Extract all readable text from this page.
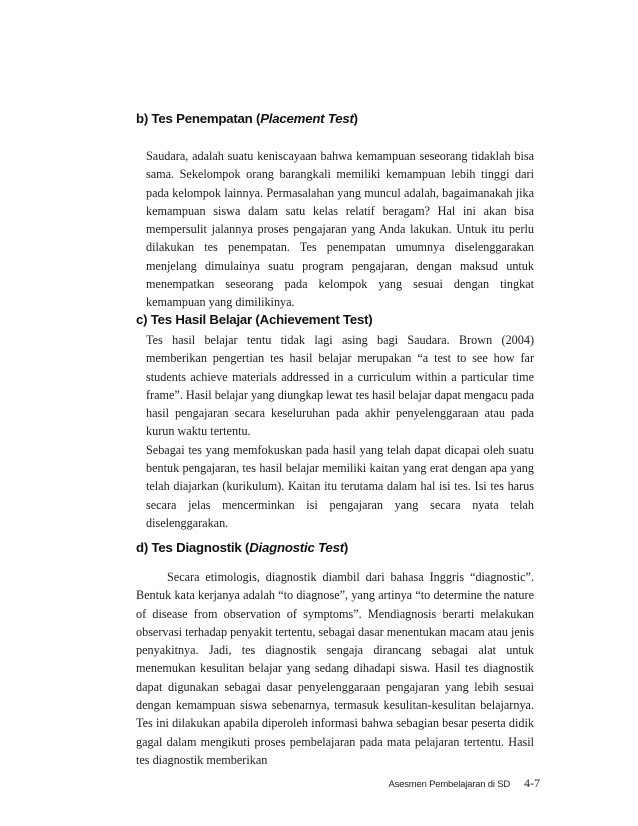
b) Tes Penempatan (Placement Test)

Saudara, adalah suatu keniscayaan bahwa kemampuan seseorang tidaklah bisa sama. Sekelompok orang barangkali memiliki kemampuan lebih tinggi dari pada kelompok lainnya. Permasalahan yang muncul adalah, bagaimanakah jika kemampuan siswa dalam satu kelas relatif beragam? Hal ini akan bisa mempersulit jalannya proses pengajaran yang Anda lakukan. Untuk itu perlu dilakukan tes penempatan. Tes penempatan umumnya diselenggarakan menjelang dimulainya suatu program pengajaran, dengan maksud untuk menempatkan seseorang pada kelompok yang sesuai dengan tingkat kemampuan yang dimilikinya.

c) Tes Hasil Belajar (Achievement Test)

Tes hasil belajar tentu tidak lagi asing bagi Saudara. Brown (2004) memberikan pengertian tes hasil belajar merupakan “a test to see how far students achieve materials addressed in a curriculum within a particular time frame”. Hasil belajar yang diungkap lewat tes hasil belajar dapat mengacu pada hasil pengajaran secara keseluruhan pada akhir penyelenggaraan atau pada kurun waktu tertentu.

Sebagai tes yang memfokuskan pada hasil yang telah dapat dicapai oleh suatu bentuk pengajaran, tes hasil belajar memiliki kaitan yang erat dengan apa yang telah diajarkan (kurikulum). Kaitan itu terutama dalam hal isi tes. Isi tes harus secara jelas mencerminkan isi pengajaran yang secara nyata telah diselenggarakan.

d) Tes Diagnostik (Diagnostic Test)

Secara etimologis, diagnostik diambil dari bahasa Inggris “diagnostic”. Bentuk kata kerjanya adalah “to diagnose”, yang artinya “to determine the nature of disease from observation of symptoms”. Mendiagnosis berarti melakukan observasi terhadap penyakit tertentu, sebagai dasar menentukan macam atau jenis penyakitnya. Jadi, tes diagnostik sengaja dirancang sebagai alat untuk menemukan kesulitan belajar yang sedang dihadapi siswa. Hasil tes diagnostik dapat digunakan sebagai dasar penyelenggaraan pengajaran yang lebih sesuai dengan kemampuan siswa sebenarnya, termasuk kesulitan-kesulitan belajarnya. Tes ini dilakukan apabila diperoleh informasi bahwa sebagian besar peserta didik gagal dalam mengikuti proses pembelajaran pada mata pelajaran tertentu. Hasil tes diagnostik memberikan

Asesmen Pembelajaran di SD 4-7
